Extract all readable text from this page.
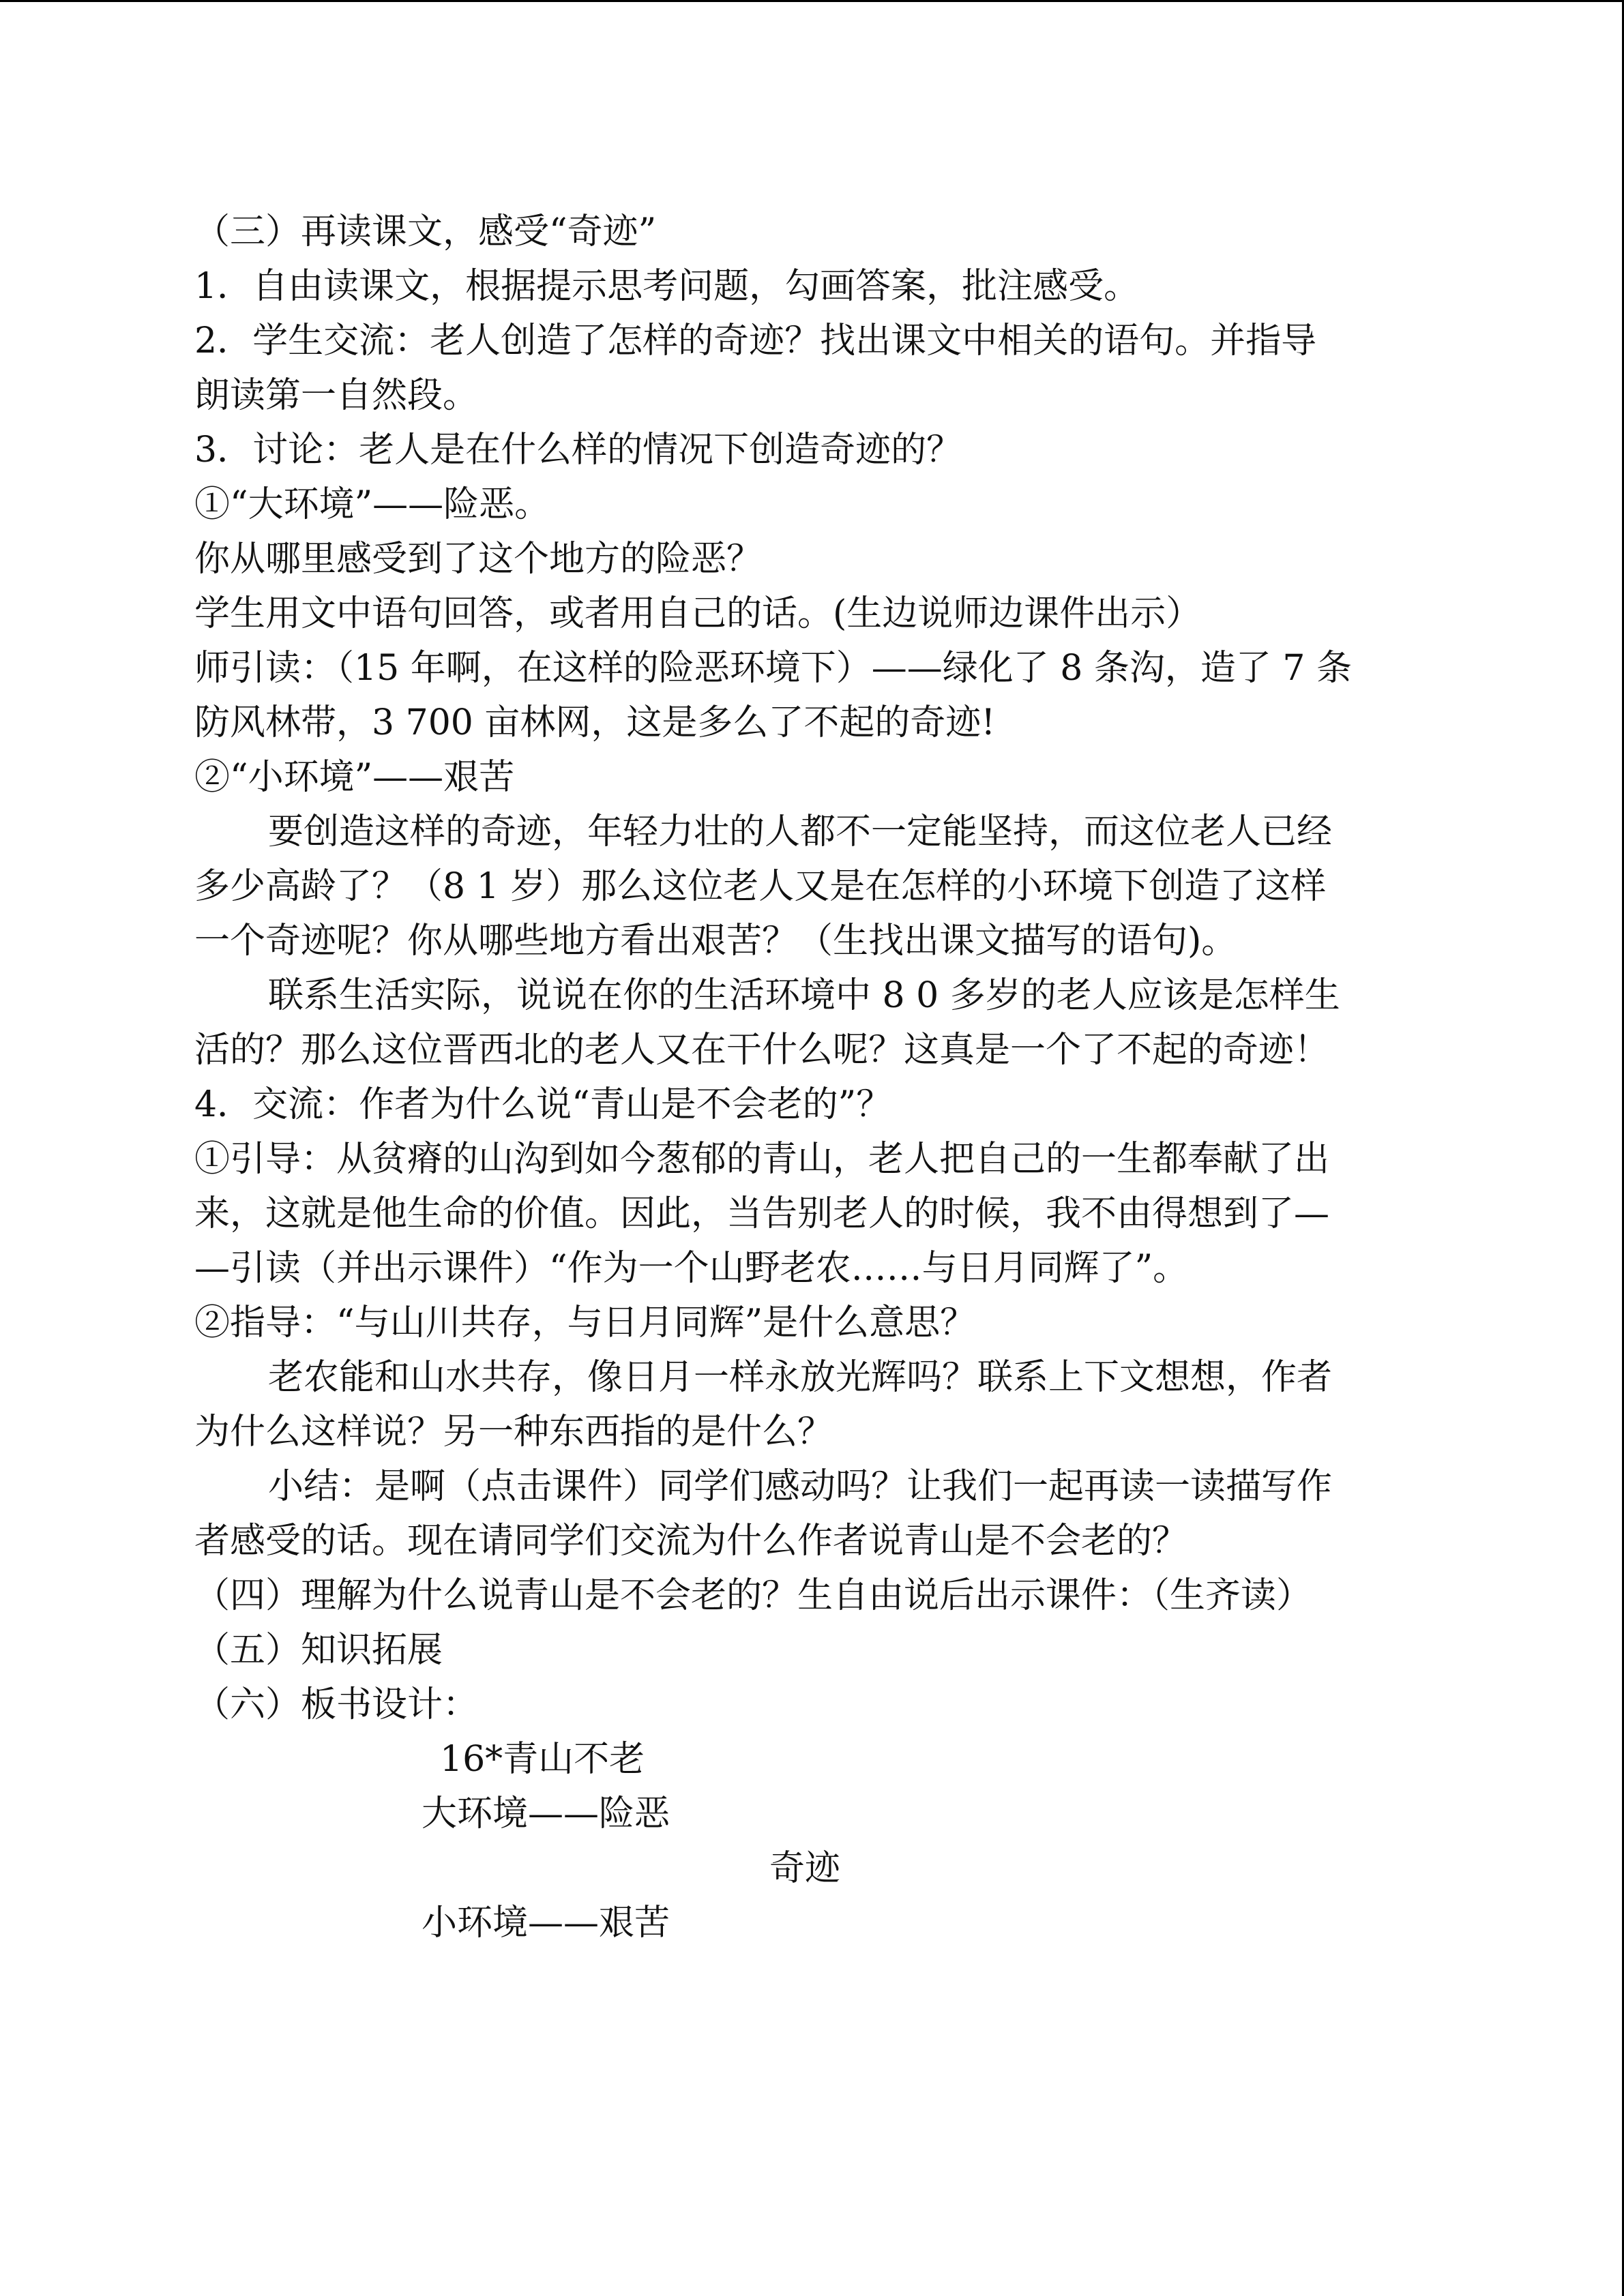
（三）再读课文，感受“奇迹”
1．自由读课文，根据提示思考问题，勾画答案，批注感受。
2．学生交流：老人创造了怎样的奇迹？找出课文中相关的语句。并指导
朗读第一自然段。
3．讨论：老人是在什么样的情况下创造奇迹的？
①“大环境”——险恶。
你从哪里感受到了这个地方的险恶？
学生用文中语句回答，或者用自己的话。(生边说师边课件出示）
师引读：（15 年啊，在这样的险恶环境下）——绿化了 8 条沟，造了 7 条
防风林带，3 700 亩林网，这是多么了不起的奇迹!
②“小环境”——艰苦
要创造这样的奇迹，年轻力壮的人都不一定能坚持，而这位老人已经
多少高龄了？（8 1 岁）那么这位老人又是在怎样的小环境下创造了这样
一个奇迹呢？你从哪些地方看出艰苦？（生找出课文描写的语句)。
联系生活实际，说说在你的生活环境中 8 0 多岁的老人应该是怎样生
活的？那么这位晋西北的老人又在干什么呢？这真是一个了不起的奇迹！
4．交流：作者为什么说“青山是不会老的”？
①引导：从贫瘠的山沟到如今葱郁的青山，老人把自己的一生都奉献了出
来，这就是他生命的价值。因此，当告别老人的时候，我不由得想到了—
—引读（并出示课件）“作为一个山野老农……与日月同辉了”。
②指导：“与山川共存，与日月同辉”是什么意思？
老农能和山水共存，像日月一样永放光辉吗？联系上下文想想，作者
为什么这样说？另一种东西指的是什么？
小结：是啊（点击课件）同学们感动吗？让我们一起再读一读描写作
者感受的话。现在请同学们交流为什么作者说青山是不会老的？
（四）理解为什么说青山是不会老的？生自由说后出示课件：（生齐读）
（五）知识拓展
（六）板书设计：
16*青山不老
大环境——险恶
奇迹
小环境——艰苦
